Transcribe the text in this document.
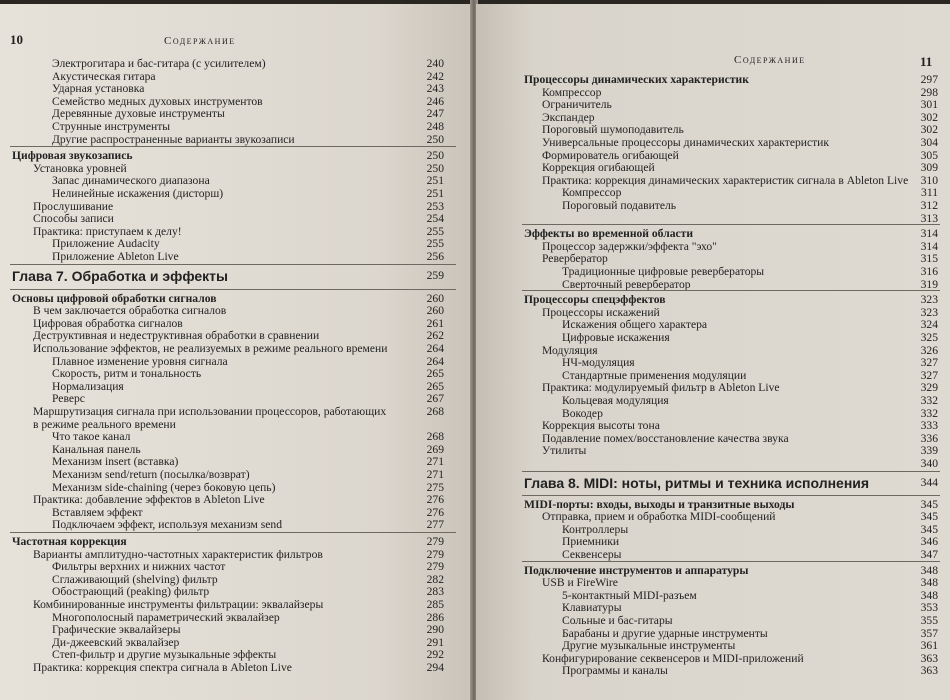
10	Содержание
Электрогитара и бас-гитара (с усилителем)	240
Акустическая гитара	242
Ударная установка	243
Семейство медных духовых инструментов	246
Деревянные духовые инструменты	247
Струнные инструменты	248
Другие распространенные варианты звукозаписи	250
Цифровая звукозапись	250
Установка уровней	250
Запас динамического диапазона	251
Нелинейные искажения (дисторш)	251
Прослушивание	253
Способы записи	254
Практика: приступаем к делу!	255
Приложение Audacity	255
Приложение Ableton Live	256
Глава 7. Обработка и эффекты	259
Основы цифровой обработки сигналов	260
В чем заключается обработка сигналов	260
Цифровая обработка сигналов	261
Деструктивная и недеструктивная обработки в сравнении	262
Использование эффектов, не реализуемых в режиме реального времени	264
Плавное изменение уровня сигнала	264
Скорость, ритм и тональность	265
Нормализация	265
Реверс	267
Маршрутизация сигнала при использовании процессоров, работающих	268
в режиме реального времени
Что такое канал	268
Канальная панель	269
Механизм insert (вставка)	271
Механизм send/return (посылка/возврат)	271
Механизм side-chaining (через боковую цепь)	275
Практика: добавление эффектов в Ableton Live	276
Вставляем эффект	276
Подключаем эффект, используя механизм send	277
Частотная коррекция	279
Варианты амплитудно-частотных характеристик фильтров	279
Фильтры верхних и нижних частот	279
Сглаживающий (shelving) фильтр	282
Обострающий (peaking) фильтр	283
Комбинированные инструменты фильтрации: эквалайзеры	285
Многополосный параметрический эквалайзер	286
Графические эквалайзеры	290
Ди-джеевский эквалайзер	291
Степ-фильтр и другие музыкальные эффекты	292
Практика: коррекция спектра сигнала в Ableton Live	294
Содержание	11
Процессоры динамических характеристик	297
Компрессор	298
Ограничитель	301
Экспандер	302
Пороговый шумоподавитель	302
Универсальные процессоры динамических характеристик	304
Формирователь огибающей	305
Коррекция огибающей	309
Практика: коррекция динамических характеристик сигнала в Ableton Live	310
Компрессор	311
Пороговый подавитель	312
313
Эффекты во временной области	314
Процессор задержки/эффекта "эхо"	314
Ревербератор	315
Традиционные цифровые ревербераторы	316
Сверточный ревербератор	319
Процессоры спецэффектов	323
Процессоры искажений	323
Искажения общего характера	324
Цифровые искажения	325
Модуляция	326
НЧ-модуляция	327
Стандартные применения модуляции	327
Практика: модулируемый фильтр в Ableton Live	329
Кольцевая модуляция	332
Вокодер	332
Коррекция высоты тона	333
Подавление помех/восстановление качества звука	336
Утилиты	339
340
Глава 8. MIDI: ноты, ритмы и техника исполнения	344
MIDI-порты: входы, выходы и транзитные выходы	345
Отправка, прием и обработка MIDI-сообщений	345
Контроллеры	345
Приемники	346
Секвенсеры	347
Подключение инструментов и аппаратуры	348
USB и FireWire	348
5-контактный MIDI-разъем	348
Клавиатуры	353
Сольные и бас-гитары	355
Барабаны и другие ударные инструменты	357
Другие музыкальные инструменты	361
Конфигурирование секвенсеров и MIDI-приложений	363
Программы и каналы	363
